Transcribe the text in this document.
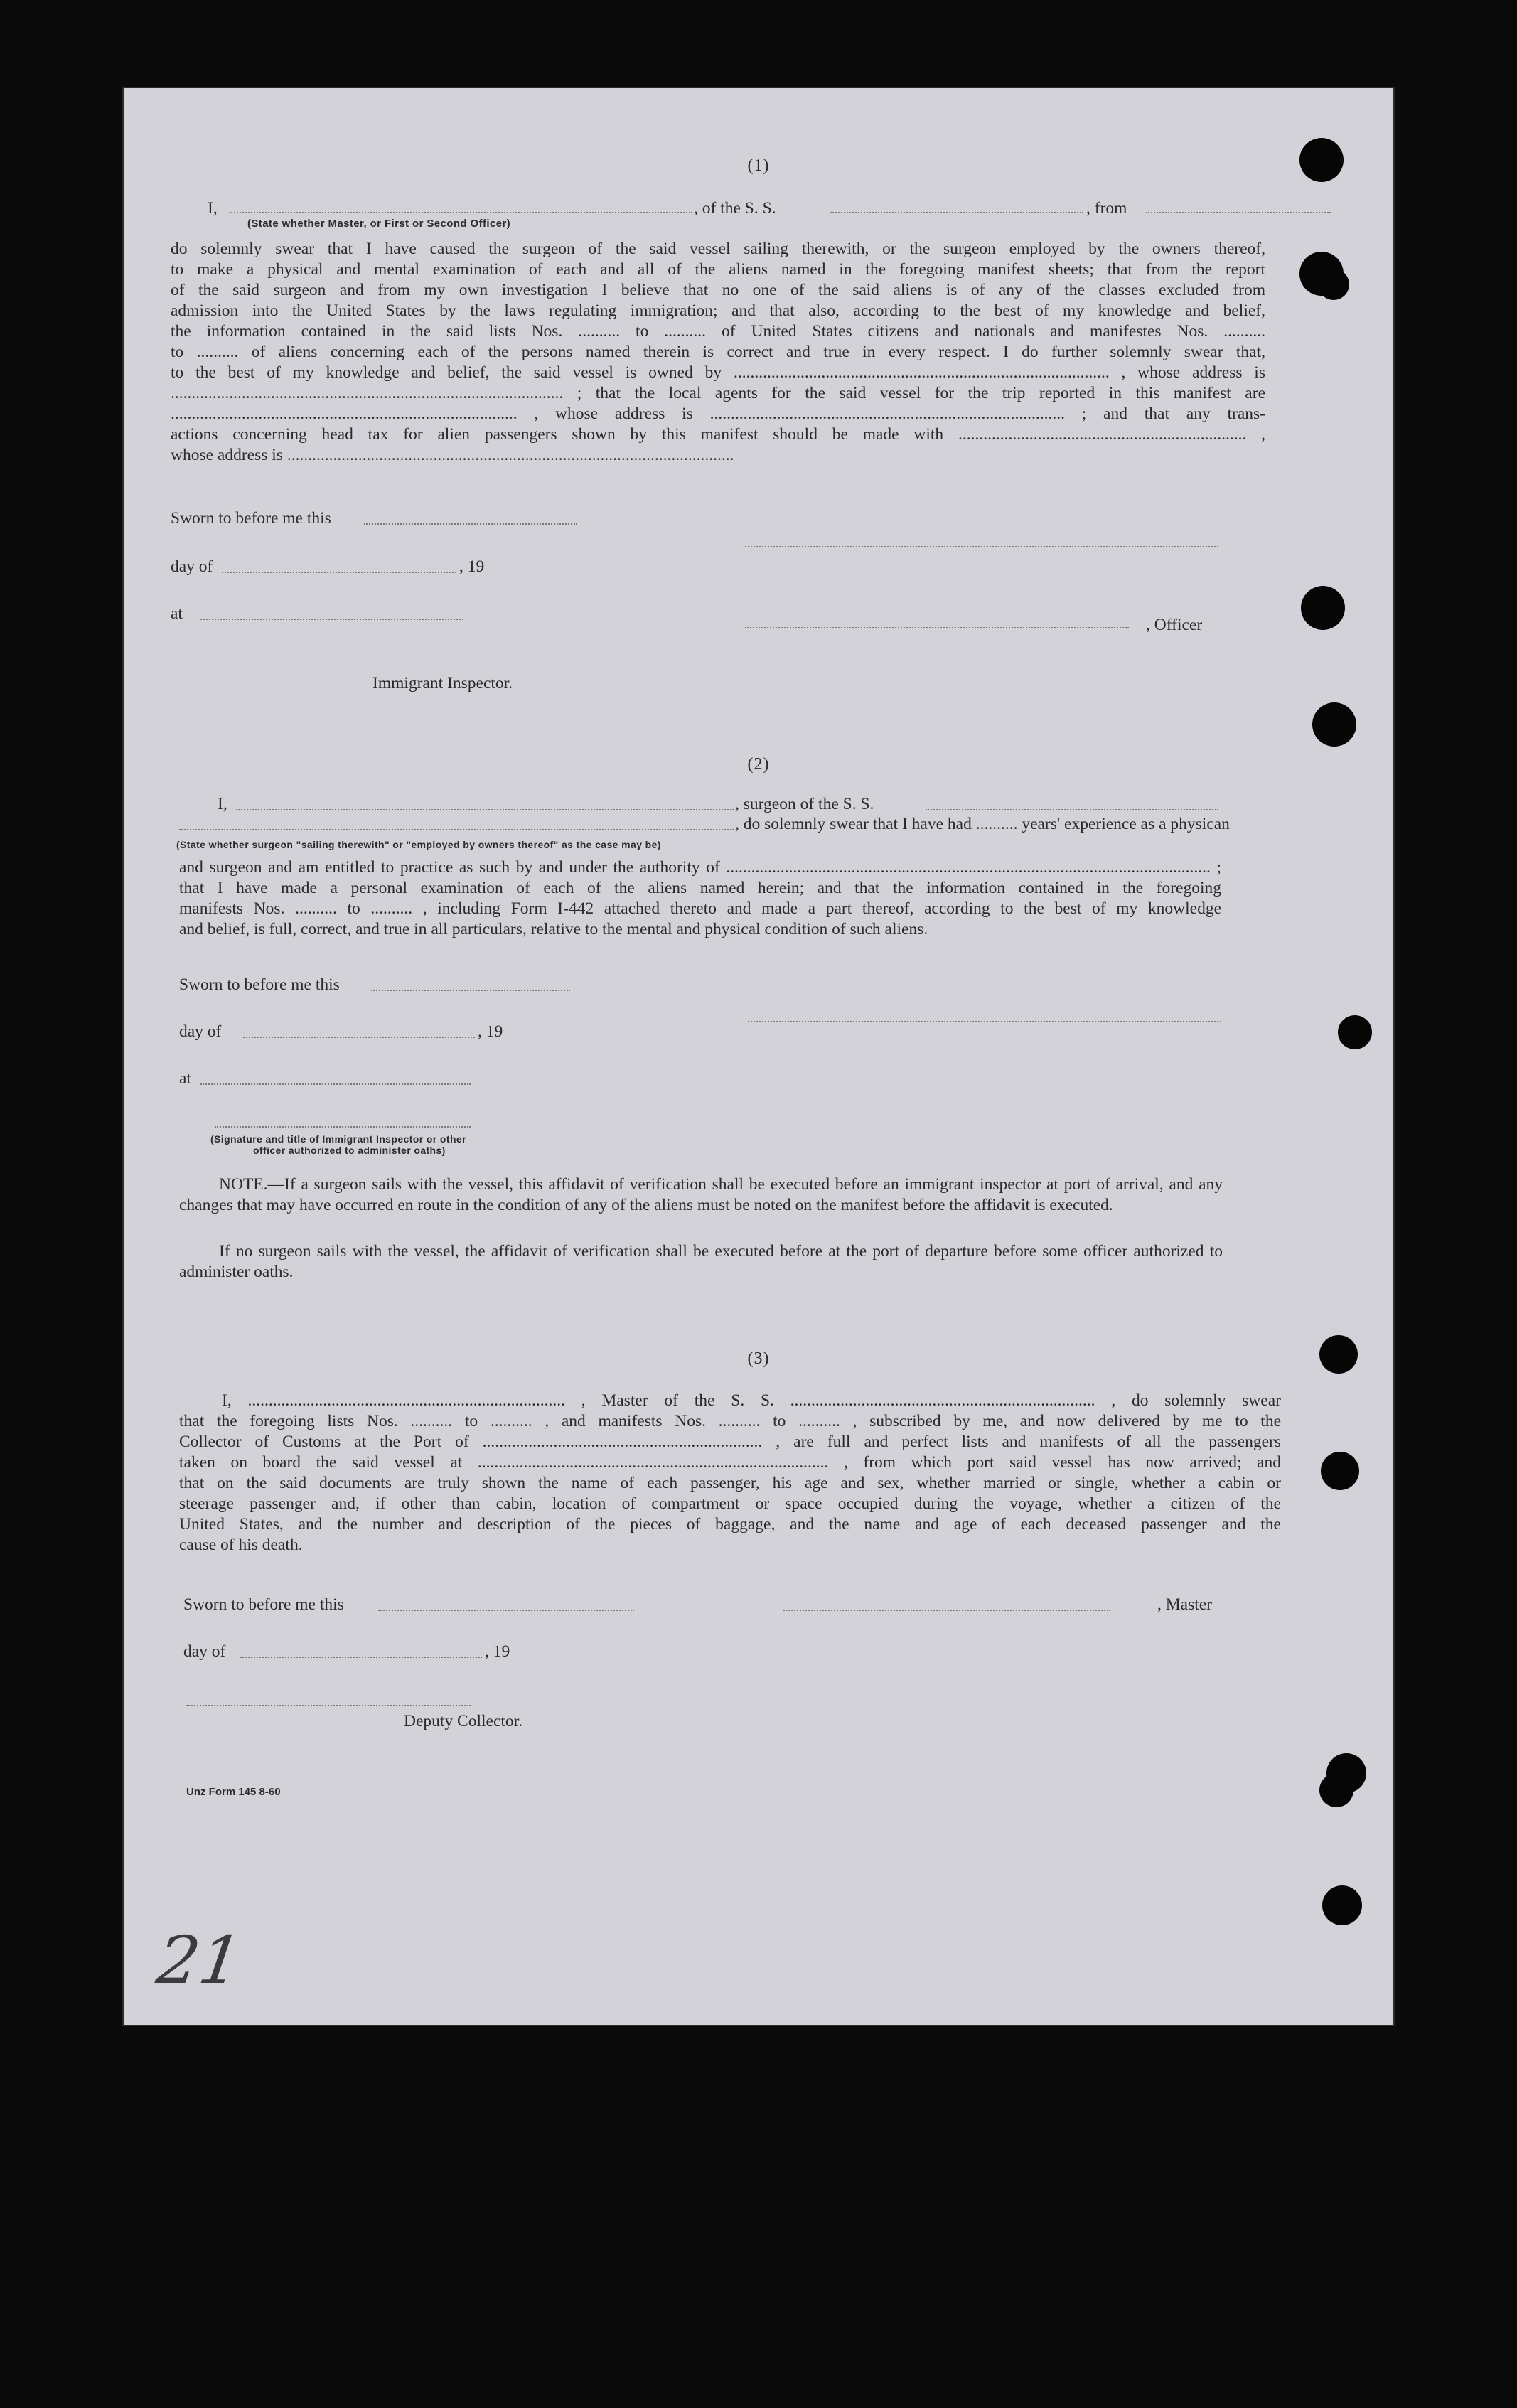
(1)
I,	, of the S. S.	, from
(State whether Master, or First or Second Officer)
do solemnly swear that I have caused the surgeon of the said vessel sailing therewith, or the surgeon employed by the owners thereof,
to make a physical and mental examination of each and all of the aliens named in the foregoing manifest sheets; that from the report
of the said surgeon and from my own investigation I believe that no one of the said aliens is of any of the classes excluded from
admission into the United States by the laws regulating immigration; and that also, according to the best of my knowledge and belief,
the information contained in the said lists Nos. .......... to .......... of United States citizens and nationals and manifestes Nos. ..........
to .......... of aliens concerning each of the persons named therein is correct and true in every respect. I do further solemnly swear that,
to the best of my knowledge and belief, the said vessel is owned by .......................................................................................... , whose address is
.............................................................................................. ; that the local agents for the said vessel for the trip reported in this manifest are
................................................................................... , whose address is ..................................................................................... ; and that any trans-
actions concerning head tax for alien passengers shown by this manifest should be made with ..................................................................... ,
whose address is ...........................................................................................................
Sworn to before me this
day of	, 19
at
, Officer
Immigrant Inspector.
(2)
I,	, surgeon of the S. S.
, do solemnly swear that I have had .......... years' experience as a physican
(State whether surgeon "sailing therewith" or "employed by owners thereof" as the case may be)
and surgeon and am entitled to practice as such by and under the authority of .................................................................................................................... ;
that I have made a personal examination of each of the aliens named herein; and that the information contained in the foregoing
manifests Nos. .......... to .......... , including Form I-442 attached thereto and made a part thereof, according to the best of my knowledge
and belief, is full, correct, and true in all particulars, relative to the mental and physical condition of such aliens.
Sworn to before me this
day of	, 19
at
(Signature and title of Immigrant Inspector or other
officer authorized to administer oaths)
NOTE.—If a surgeon sails with the vessel, this affidavit of verification shall be executed before an immigrant inspector at port of arrival, and any changes that may have occurred en route in the condition of any of the aliens must be noted on the manifest before the affidavit is executed.
If no surgeon sails with the vessel, the affidavit of verification shall be executed before at the port of departure before some officer authorized to administer oaths.
(3)
I, ............................................................................ , Master of the S. S. ......................................................................... , do solemnly swear
that the foregoing lists Nos. .......... to .......... , and manifests Nos. .......... to .......... , subscribed by me, and now delivered by me to the
Collector of Customs at the Port of ................................................................... , are full and perfect lists and manifests of all the passengers
taken on board the said vessel at .................................................................................... , from which port said vessel has now arrived; and
that on the said documents are truly shown the name of each passenger, his age and sex, whether married or single, whether a cabin or
steerage passenger and, if other than cabin, location of compartment or space occupied during the voyage, whether a citizen of the
United States, and the number and description of the pieces of baggage, and the name and age of each deceased passenger and the
cause of his death.
Sworn to before me this	, Master
day of	, 19
Deputy Collector.
Unz Form 145 8-60
21
